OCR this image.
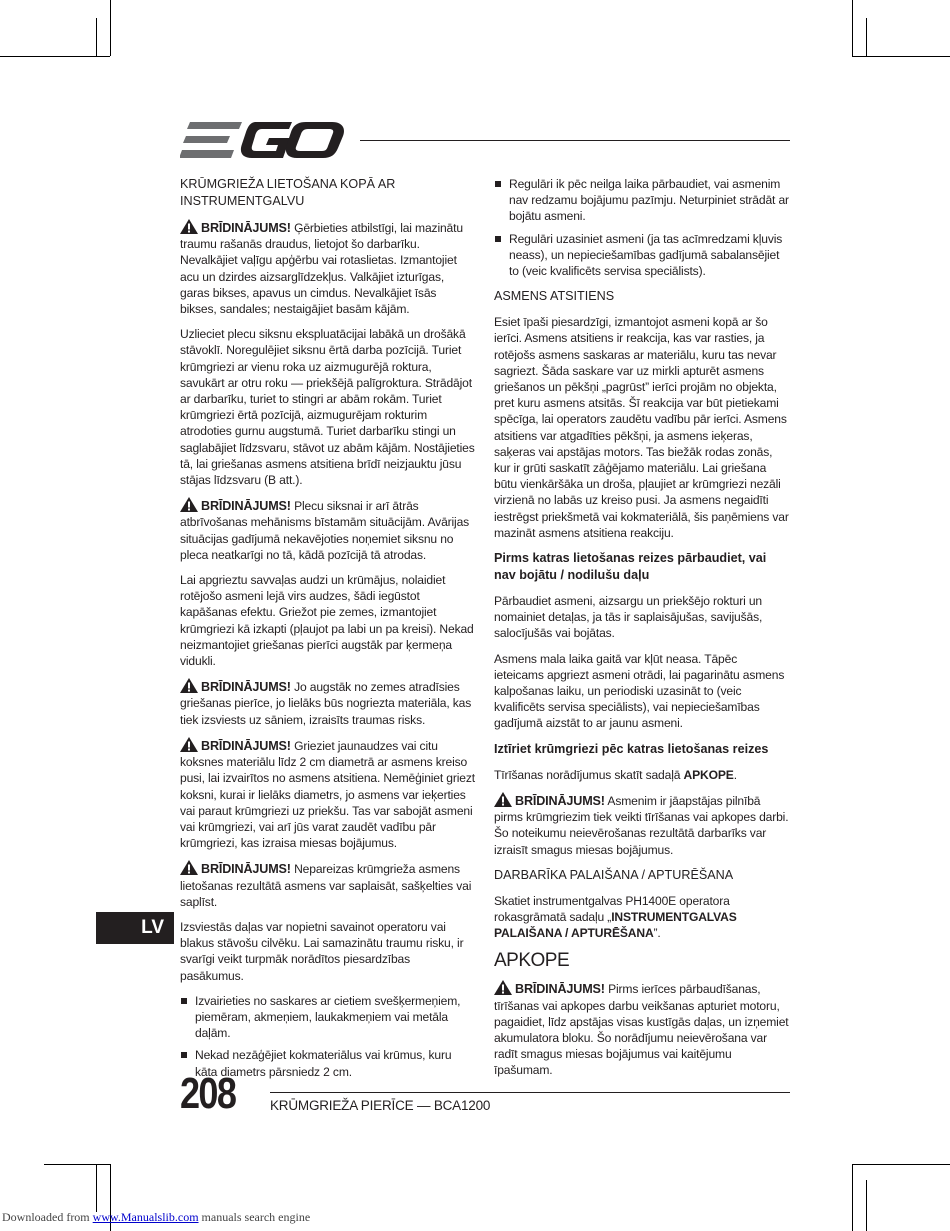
KRŪMGRIEŽA LIETOŠANA KOPĀ AR INSTRUMENTGALVU

BRĪDINĀJUMS! Ģērbieties atbilstīgi, lai mazinātu traumu rašanās draudus, lietojot šo darbarīku. Nevalkājiet vaļīgu apģērbu vai rotaslietas. Izmantojiet acu un dzirdes aizsarglīdzekļus. Valkājiet izturīgas, garas bikses, apavus un cimdus. Nevalkājiet īsās bikses, sandales; nestaigājiet basām kājām.

Uzlieciet plecu siksnu ekspluatācijai labākā un drošākā stāvoklī. Noregulējiet siksnu ērtā darba pozīcijā. Turiet krūmgriezi ar vienu roka uz aizmugurējā roktura, savukārt ar otru roku — priekšējā palīgroktura. Strādājot ar darbarīku, turiet to stingri ar abām rokām. Turiet krūmgriezi ērtā pozīcijā, aizmugurējam rokturim atrodoties gurnu augstumā. Turiet darbarīku stingi un saglabājiet līdzsvaru, stāvot uz abām kājām. Nostājieties tā, lai griešanas asmens atsitiena brīdī neizjauktu jūsu stājas līdzsvaru (B att.).

BRĪDINĀJUMS! Plecu siksnai ir arī ātrās atbrīvošanas mehānisms bīstamām situācijām. Avārijas situācijas gadījumā nekavējoties noņemiet siksnu no pleca neatkarīgi no tā, kādā pozīcijā tā atrodas.

Lai apgrieztu savvaļas audzi un krūmājus, nolaidiet rotējošo asmeni lejā virs audzes, šādi iegūstot kapāšanas efektu. Griežot pie zemes, izmantojiet krūmgriezi kā izkapti (pļaujot pa labi un pa kreisi). Nekad neizmantojiet griešanas pierīci augstāk par ķermeņa vidukli.

BRĪDINĀJUMS! Jo augstāk no zemes atradīsies griešanas pierīce, jo lielāks būs nogriezta materiāla, kas tiek izsviests uz sāniem, izraisīts traumas risks.

BRĪDINĀJUMS! Grieziet jaunaudzes vai citu koksnes materiālu līdz 2 cm diametrā ar asmens kreiso pusi, lai izvairītos no asmens atsitiena. Nemēģiniet griezt koksni, kurai ir lielāks diametrs, jo asmens var ieķerties vai paraut krūmgriezi uz priekšu. Tas var sabojāt asmeni vai krūmgriezi, vai arī jūs varat zaudēt vadību pār krūmgriezi, kas izraisa miesas bojājumus.

BRĪDINĀJUMS! Nepareizas krūmgrieža asmens lietošanas rezultātā asmens var saplaisāt, sašķelties vai saplīst.

Izsviestās daļas var nopietni savainot operatoru vai blakus stāvošu cilvēku. Lai samazinātu traumu risku, ir svarīgi veikt turpmāk norādītos piesardzības pasākumus.

Izvairieties no saskares ar cietiem svešķermeņiem, piemēram, akmeņiem, laukakmeņiem vai metāla daļām.
Nekad nezāģējiet kokmateriālus vai krūmus, kuru kāta diametrs pārsniedz 2 cm.
Regulāri ik pēc neilga laika pārbaudiet, vai asmenim nav redzamu bojājumu pazīmju. Neturpiniet strādāt ar bojātu asmeni.
Regulāri uzasiniet asmeni (ja tas acīmredzami kļuvis neass), un nepieciešamības gadījumā sabalansējiet to (veic kvalificēts servisa speciālists).
ASMENS ATSITIENS

Esiet īpaši piesardzīgi, izmantojot asmeni kopā ar šo ierīci. Asmens atsitiens ir reakcija, kas var rasties, ja rotējošs asmens saskaras ar materiālu, kuru tas nevar sagriezt. Šāda saskare var uz mirkli apturēt asmens griešanos un pēkšņi „pagrūst” ierīci projām no objekta, pret kuru asmens atsitās. Šī reakcija var būt pietiekami spēcīga, lai operators zaudētu vadību pār ierīci. Asmens atsitiens var atgadīties pēkšņi, ja asmens ieķeras, saķeras vai apstājas motors. Tas biežāk rodas zonās, kur ir grūti saskatīt zāģējamo materiālu. Lai griešana būtu vienkāršāka un droša, pļaujiet ar krūmgriezi nezāli virzienā no labās uz kreiso pusi. Ja asmens negaidīti iestrēgst priekšmetā vai kokmateriālā, šis paņēmiens var mazināt asmens atsitiena reakciju.

Pirms katras lietošanas reizes pārbaudiet, vai nav bojātu / nodilušu daļu

Pārbaudiet asmeni, aizsargu un priekšējo rokturi un nomainiet detaļas, ja tās ir saplaisājušas, savijušās, salocījušās vai bojātas.

Asmens mala laika gaitā var kļūt neasa. Tāpēc ieteicams apgriezt asmeni otrādi, lai pagarinātu asmens kalpošanas laiku, un periodiski uzasināt to (veic kvalificēts servisa speciālists), vai nepieciešamības gadījumā aizstāt to ar jaunu asmeni.

Iztīriet krūmgriezi pēc katras lietošanas reizes

Tīrīšanas norādījumus skatīt sadaļā APKOPE.

BRĪDINĀJUMS! Asmenim ir jāapstājas pilnībā pirms krūmgriezim tiek veikti tīrīšanas vai apkopes darbi. Šo noteikumu neievērošanas rezultātā darbarīks var izraisīt smagus miesas bojājumus.

DARBARĪKA PALAIŠANA / APTURĒŠANA

Skatiet instrumentgalvas PH1400E operatora rokasgrāmatā sadaļu „INSTRUMENTGALVAS PALAIŠANA / APTURĒŠANA”.

APKOPE

BRĪDINĀJUMS! Pirms ierīces pārbaudīšanas, tīrīšanas vai apkopes darbu veikšanas apturiet motoru, pagaidiet, līdz apstājas visas kustīgās daļas, un izņemiet akumulatora bloku. Šo norādījumu neievērošana var radīt smagus miesas bojājumus vai kaitējumu īpašumam.

LV
208	KRŪMGRIEŽA PIERĪCE — BCA1200
Downloaded from www.Manualslib.com manuals search engine
